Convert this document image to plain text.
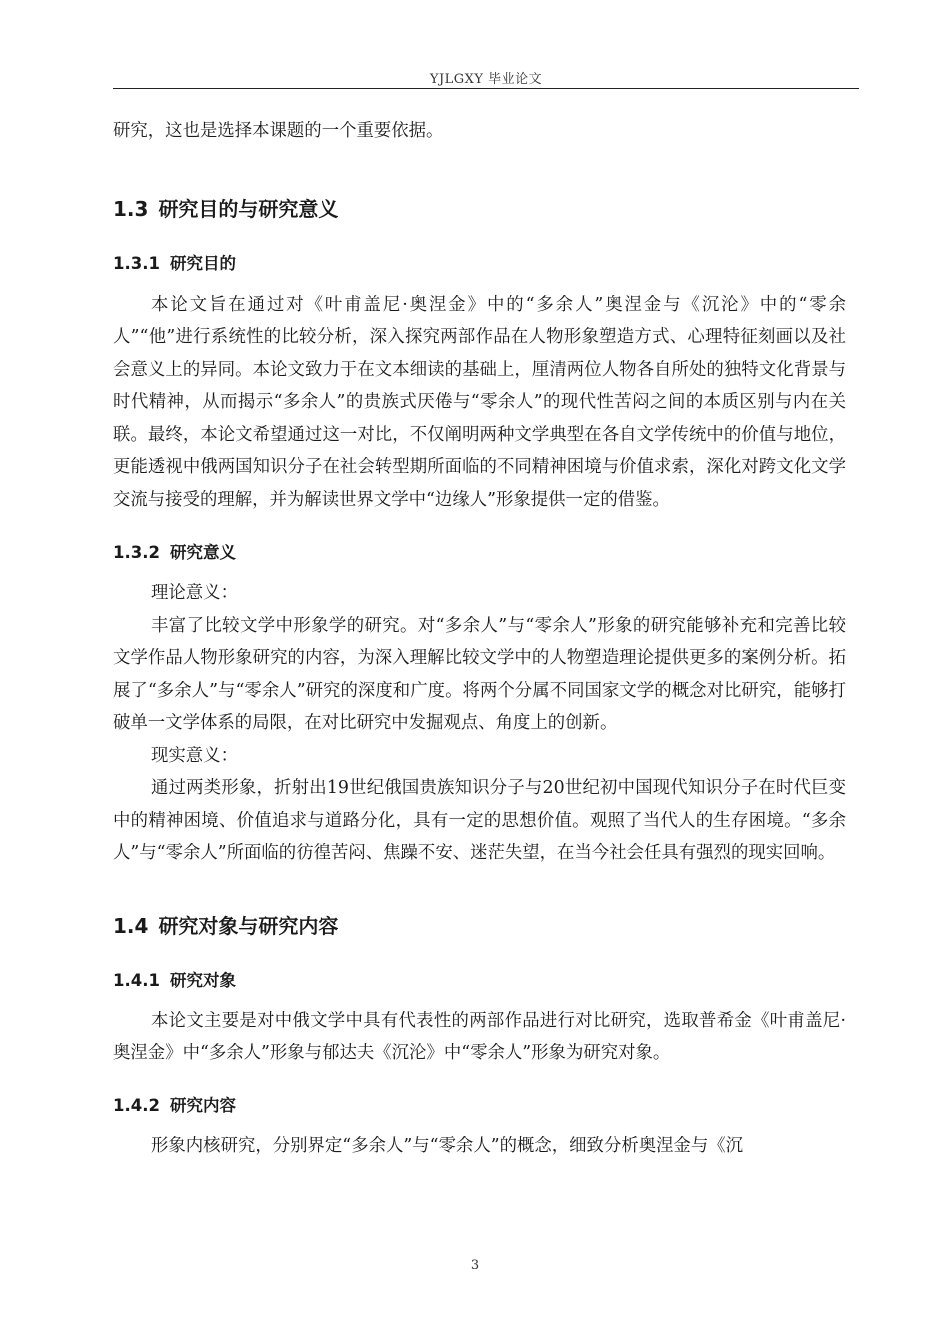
YJLGXY 毕业论文

研究，这也是选择本课题的一个重要依据。

1.3 研究目的与研究意义
1.3.1 研究目的

本论文旨在通过对《叶甫盖尼·奥涅金》中的“多余人”奥涅金与《沉沦》中的“零余人”“他”进行系统性的比较分析，深入探究两部作品在人物形象塑造方式、心理特征刻画以及社会意义上的异同。本论文致力于在文本细读的基础上，厘清两位人物各自所处的独特文化背景与时代精神，从而揭示“多余人”的贵族式厌倦与“零余人”的现代性苦闷之间的本质区别与内在关联。最终，本论文希望通过这一对比，不仅阐明两种文学典型在各自文学传统中的价值与地位，更能透视中俄两国知识分子在社会转型期所面临的不同精神困境与价值求索，深化对跨文化文学交流与接受的理解，并为解读世界文学中“边缘人”形象提供一定的借鉴。

1.3.2 研究意义

理论意义：

丰富了比较文学中形象学的研究。对“多余人”与“零余人”形象的研究能够补充和完善比较文学作品人物形象研究的内容，为深入理解比较文学中的人物塑造理论提供更多的案例分析。拓展了“多余人”与“零余人”研究的深度和广度。将两个分属不同国家文学的概念对比研究，能够打破单一文学体系的局限，在对比研究中发掘观点、角度上的创新。

现实意义：

通过两类形象，折射出19世纪俄国贵族知识分子与20世纪初中国现代知识分子在时代巨变中的精神困境、价值追求与道路分化，具有一定的思想价值。观照了当代人的生存困境。“多余人”与“零余人”所面临的彷徨苦闷、焦躁不安、迷茫失望，在当今社会任具有强烈的现实回响。

1.4 研究对象与研究内容
1.4.1 研究对象

本论文主要是对中俄文学中具有代表性的两部作品进行对比研究，选取普希金《叶甫盖尼·奥涅金》中“多余人”形象与郁达夫《沉沦》中“零余人”形象为研究对象。

1.4.2 研究内容

形象内核研究，分别界定“多余人”与“零余人”的概念，细致分析奥涅金与《沉

3
